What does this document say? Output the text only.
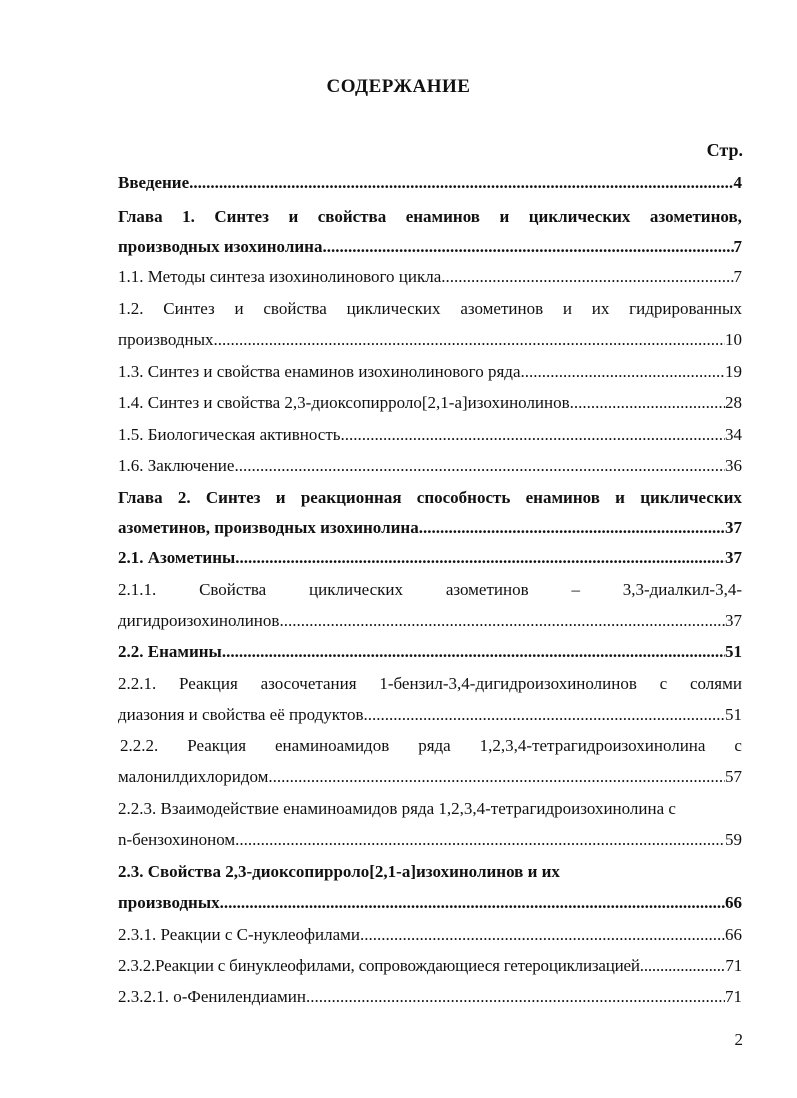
СОДЕРЖАНИЕ
Стр.
Введение .....	4
Глава 1. Синтез и свойства енаминов и циклических азометинов,
производных изохинолина .....	7
1.1. Методы синтеза изохинолинового цикла .....	7
1.2. Синтез и свойства циклических азометинов и их гидрированных
производных .....	10
1.3. Синтез и свойства енаминов изохинолинового ряда .....	19
1.4. Синтез и свойства 2,3-диоксопирроло[2,1-а]изохинолинов .....	28
1.5. Биологическая активность .....	34
1.6. Заключение .....	36
Глава 2. Синтез и реакционная способность енаминов и циклических
азометинов, производных изохинолина .....	37
2.1. Азометины .....	37
2.1.1.	Свойства	циклических	азометинов	–	3,3-диалкил-3,4-
дигидроизохинолинов .....	37
2.2. Енамины .....	51
2.2.1. Реакция азосочетания 1-бензил-3,4-дигидроизохинолинов с солями
диазония и свойства её продуктов .....	51
2.2.2. Реакция енаминоамидов ряда 1,2,3,4-тетрагидроизохинолина с
малонилдихлоридом .....	57
2.2.3. Взаимодействие енаминоамидов ряда 1,2,3,4-тетрагидроизохинолина с
n-бензохиноном .....	59
2.3. Свойства 2,3-диоксопирроло[2,1-а]изохинолинов и их
производных .....	66
2.3.1. Реакции с С-нуклеофилами .....	66
2.3.2.Реакции с бинуклеофилами, сопровождающиеся гетероциклизацией .....	71
2.3.2.1. о-Фенилендиамин .....	71
2
